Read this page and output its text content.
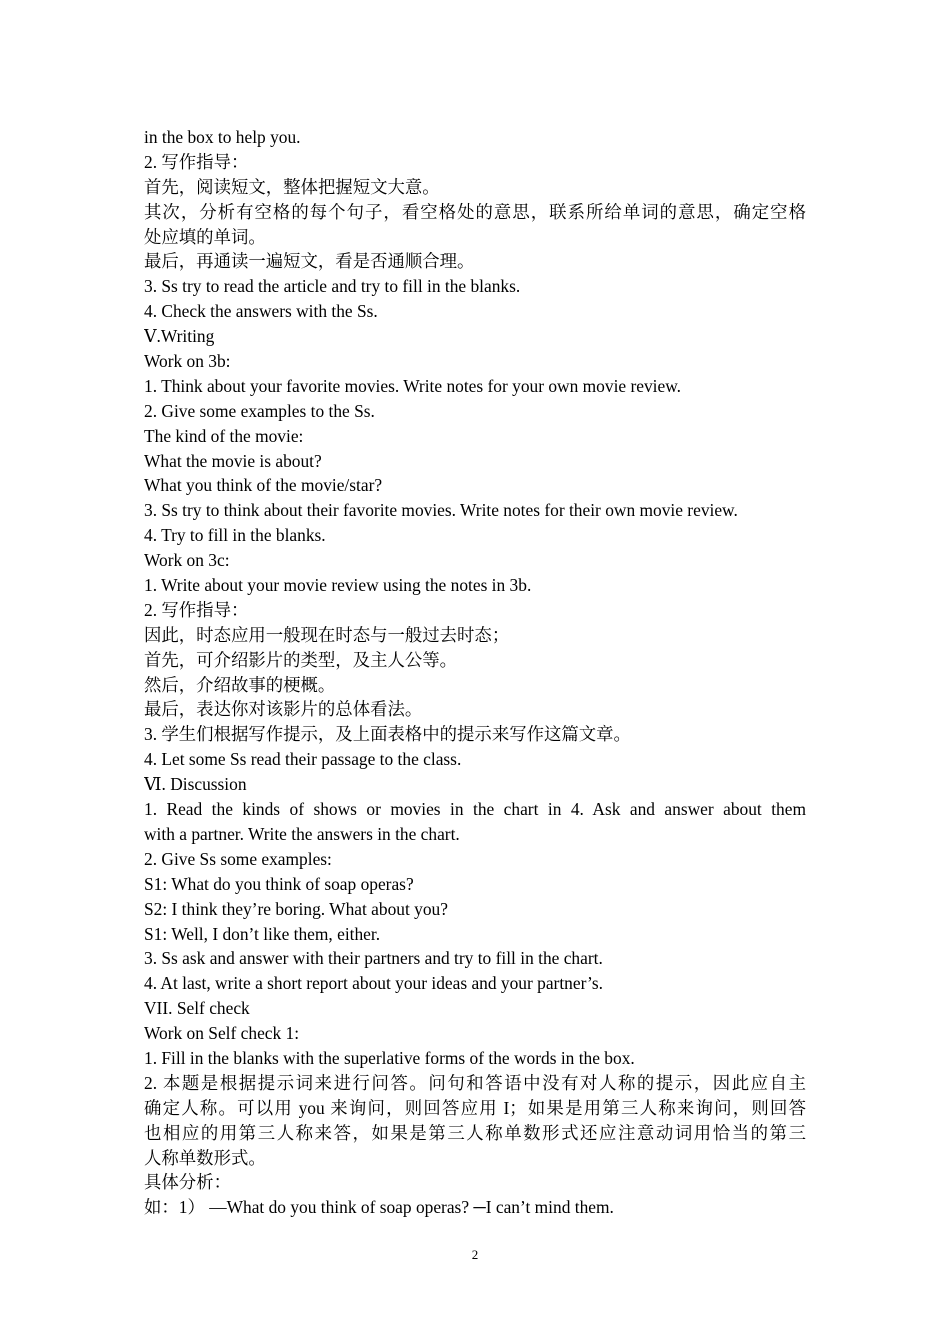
in the box to help you.
2. 写作指导：
首先，阅读短文，整体把握短文大意。
其次，分析有空格的每个句子，看空格处的意思，联系所给单词的意思，确定空格
处应填的单词。
最后，再通读一遍短文，看是否通顺合理。
3. Ss try to read the article and try to fill in the blanks.
4. Check the answers with the Ss.
Ⅴ.Writing
Work on 3b:
1. Think about your favorite movies. Write notes for your own movie review.
2. Give some examples to the Ss.
The kind of the movie:
What the movie is about?
What you think of the movie/star?
3. Ss try to think about their favorite movies. Write notes for their own movie review.
4. Try to fill in the blanks.
Work on 3c:
1. Write about your movie review using the notes in 3b.
2. 写作指导：
因此，时态应用一般现在时态与一般过去时态；
首先，可介绍影片的类型，及主人公等。
然后，介绍故事的梗概。
最后，表达你对该影片的总体看法。
3. 学生们根据写作提示，及上面表格中的提示来写作这篇文章。
4. Let some Ss read their passage to the class.
Ⅵ. Discussion
1. Read the kinds of shows or movies in the chart in 4. Ask and answer about them
with a partner. Write the answers in the chart.
2. Give Ss some examples:
S1: What do you think of soap operas?
S2: I think they’re boring. What about you?
S1: Well, I don’t like them, either.
3. Ss ask and answer with their partners and try to fill in the chart.
4. At last, write a short report about your ideas and your partner’s.
VII. Self check
Work on Self check 1:
1. Fill in the blanks with the superlative forms of the words in the box.
2. 本题是根据提示词来进行问答。问句和答语中没有对人称的提示，因此应自主
确定人称。可以用 you 来询问，则回答应用 I；如果是用第三人称来询问，则回答
也相应的用第三人称来答，如果是第三人称单数形式还应注意动词用恰当的第三
人称单数形式。
具体分析：
如：1） —What do you think of soap operas? ─I can’t mind them.
2
